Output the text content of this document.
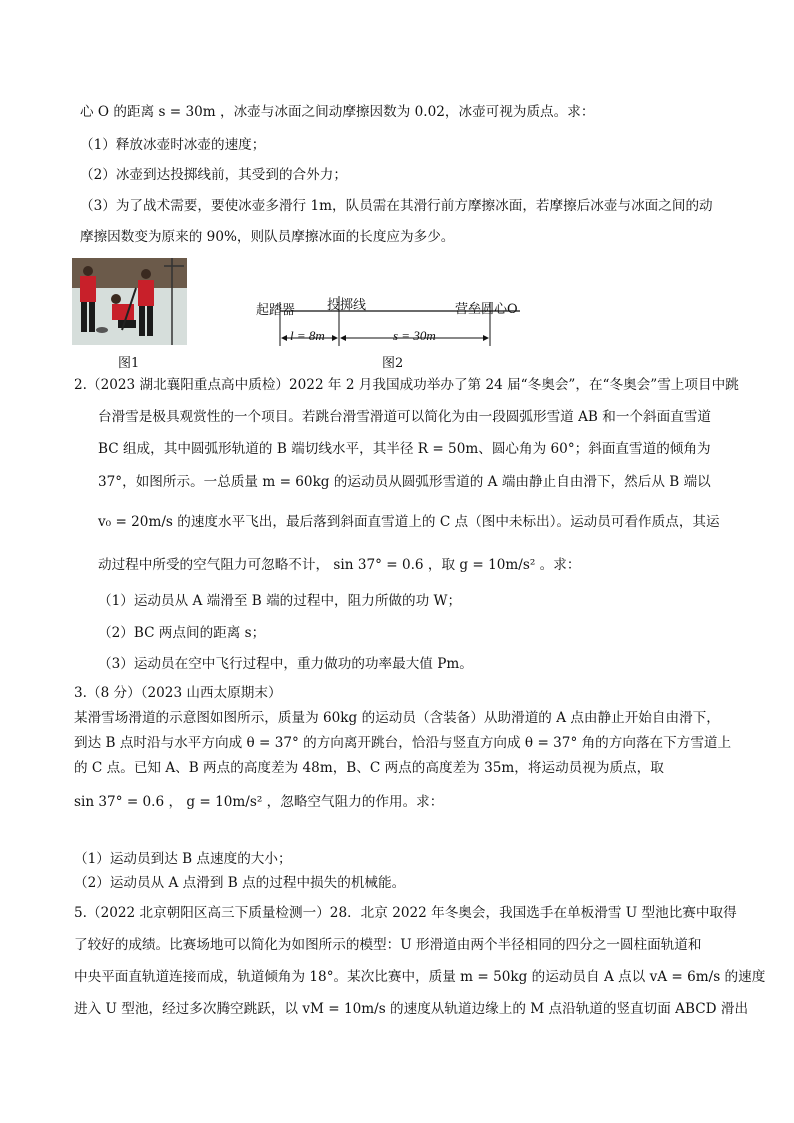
心 O 的距离 s = 30m ，冰壶与冰面之间动摩擦因数为 0.02，冰壶可视为质点。求：
（1）释放冰壶时冰壶的速度；
（2）冰壶到达投掷线前，其受到的合外力；
（3）为了战术需要，要使冰壶多滑行 1m，队员需在其滑行前方摩擦冰面，若摩擦后冰壶与冰面之间的动
摩擦因数变为原来的 90%，则队员摩擦冰面的长度应为多少。
图1
起踏器 投掷线	营垒圆心O
l = 8m	s = 30m
图2
2.（2023 湖北襄阳重点高中质检）2022 年 2 月我国成功举办了第 24 届“冬奥会”，在“冬奥会”雪上项目中跳
台滑雪是极具观赏性的一个项目。若跳台滑雪滑道可以简化为由一段圆弧形雪道 AB 和一个斜面直雪道
BC 组成，其中圆弧形轨道的 B 端切线水平，其半径 R = 50m、圆心角为 60°；斜面直雪道的倾角为
37°，如图所示。一总质量 m = 60kg 的运动员从圆弧形雪道的 A 端由静止自由滑下，然后从 B 端以
v₀ = 20m/s 的速度水平飞出，最后落到斜面直雪道上的 C 点（图中未标出）。运动员可看作质点，其运
动过程中所受的空气阻力可忽略不计， sin 37° = 0.6 ，取 g = 10m/s² 。求：
（1）运动员从 A 端滑至 B 端的过程中，阻力所做的功 W；
（2）BC 两点间的距离 s；
（3）运动员在空中飞行过程中，重力做功的功率最大值 Pm。
3.（8 分）（2023 山西太原期末）
某滑雪场滑道的示意图如图所示，质量为 60kg 的运动员（含装备）从助滑道的 A 点由静止开始自由滑下，
到达 B 点时沿与水平方向成 θ = 37° 的方向离开跳台，恰沿与竖直方向成 θ = 37° 角的方向落在下方雪道上
的 C 点。已知 A、B 两点的高度差为 48m，B、C 两点的高度差为 35m，将运动员视为质点，取
sin 37° = 0.6 ， g = 10m/s² ，忽略空气阻力的作用。求：
（1）运动员到达 B 点速度的大小；
（2）运动员从 A 点滑到 B 点的过程中损失的机械能。
5.（2022 北京朝阳区高三下质量检测一）28．北京 2022 年冬奥会，我国选手在单板滑雪 U 型池比赛中取得
了较好的成绩。比赛场地可以简化为如图所示的模型：U 形滑道由两个半径相同的四分之一圆柱面轨道和
中央平面直轨道连接而成，轨道倾角为 18°。某次比赛中，质量 m = 50kg 的运动员自 A 点以 vA = 6m/s 的速度
进入 U 型池，经过多次腾空跳跃，以 vM = 10m/s 的速度从轨道边缘上的 M 点沿轨道的竖直切面 ABCD 滑出
